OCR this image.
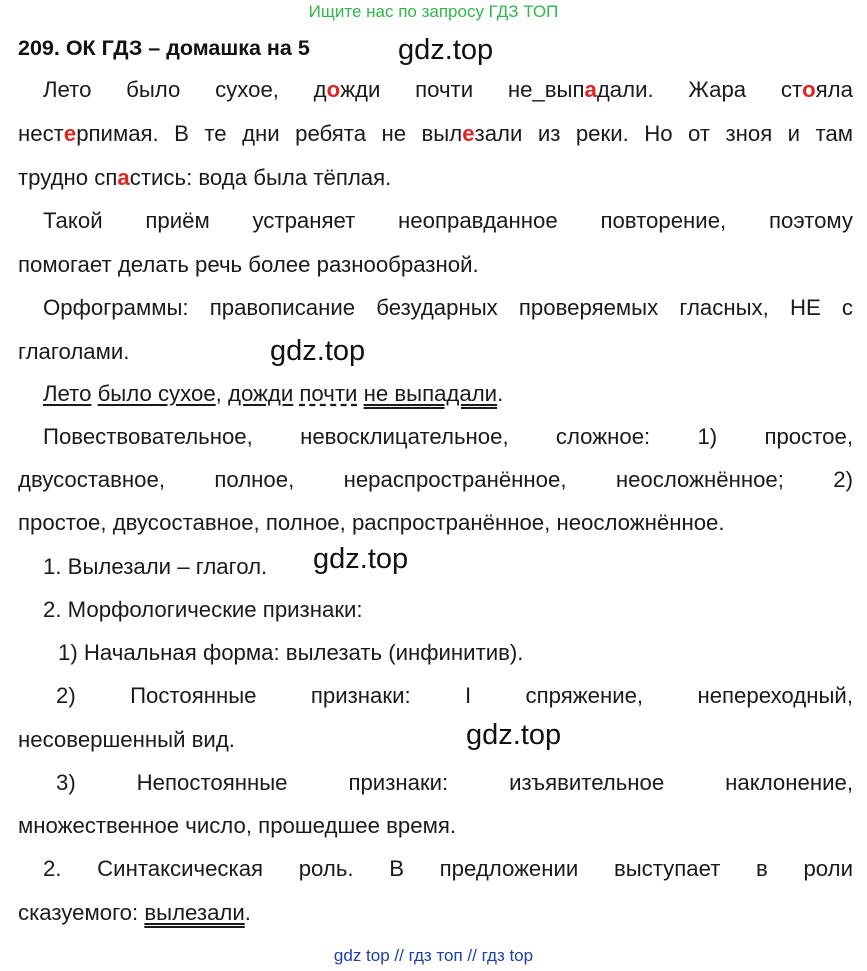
Ищите нас по запросу ГДЗ ТОП
209. ОК ГДЗ – домашка на 5	gdz.top
gdz.top
gdz.top
gdz.top
Лето было сухое, дожди почти не_выпадали. Жара стояла
нестерпимая. В те дни ребята не вылезали из реки. Но от зноя и там
трудно спастись: вода была тёплая.
Такой приём устраняет неоправданное повторение, поэтому
помогает делать речь более разнообразной.
Орфограммы: правописание безударных проверяемых гласных, НЕ с
глаголами.
Лето было сухое, дожди почти не выпадали.
Повествовательное, невосклицательное, сложное: 1) простое,
двусоставное, полное, нераспространённое, неосложнённое; 2)
простое, двусоставное, полное, распространённое, неосложнённое.
1. Вылезали – глагол.
2. Морфологические признаки:
1) Начальная форма: вылезать (инфинитив).
2) Постоянные признаки: I спряжение, непереходный,
несовершенный вид.
3) Непостоянные признаки: изъявительное наклонение,
множественное число, прошедшее время.
2. Синтаксическая роль. В предложении выступает в роли
сказуемого: вылезали.
gdz top // гдз топ // гдз top
